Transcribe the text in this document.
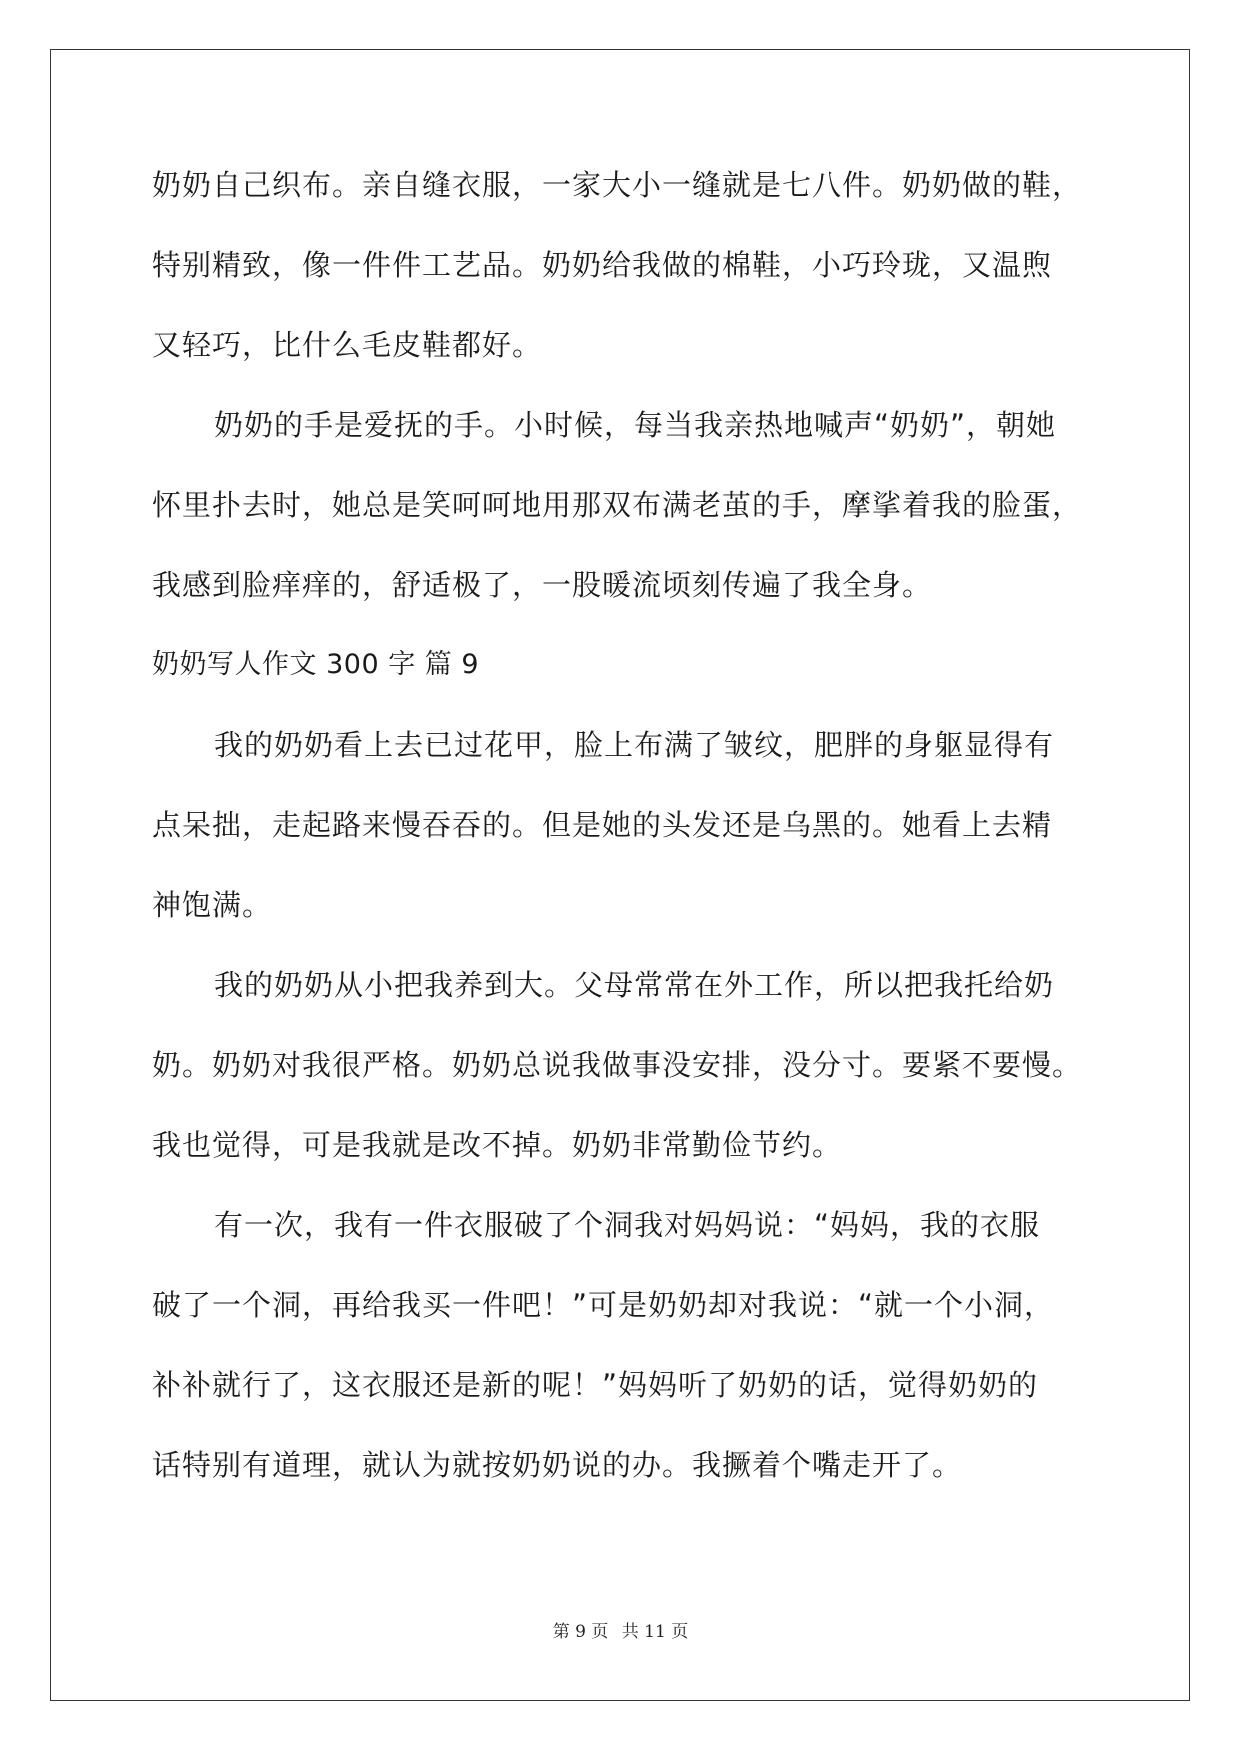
奶奶自己织布。亲自缝衣服，一家大小一缝就是七八件。奶奶做的鞋，
特别精致，像一件件工艺品。奶奶给我做的棉鞋，小巧玲珑，又温煦
又轻巧，比什么毛皮鞋都好。
奶奶的手是爱抚的手。小时候，每当我亲热地喊声“奶奶”，朝她
怀里扑去时，她总是笑呵呵地用那双布满老茧的手，摩挲着我的脸蛋，
我感到脸痒痒的，舒适极了，一股暖流顷刻传遍了我全身。
奶奶写人作文 300 字 篇 9
我的奶奶看上去已过花甲，脸上布满了皱纹，肥胖的身躯显得有
点呆拙，走起路来慢吞吞的。但是她的头发还是乌黑的。她看上去精
神饱满。
我的奶奶从小把我养到大。父母常常在外工作，所以把我托给奶
奶。奶奶对我很严格。奶奶总说我做事没安排，没分寸。要紧不要慢。
我也觉得，可是我就是改不掉。奶奶非常勤俭节约。
有一次，我有一件衣服破了个洞我对妈妈说：“妈妈，我的衣服
破了一个洞，再给我买一件吧！”可是奶奶却对我说：“就一个小洞，
补补就行了，这衣服还是新的呢！”妈妈听了奶奶的话，觉得奶奶的
话特别有道理，就认为就按奶奶说的办。我撅着个嘴走开了。
第 9 页 共 11 页
